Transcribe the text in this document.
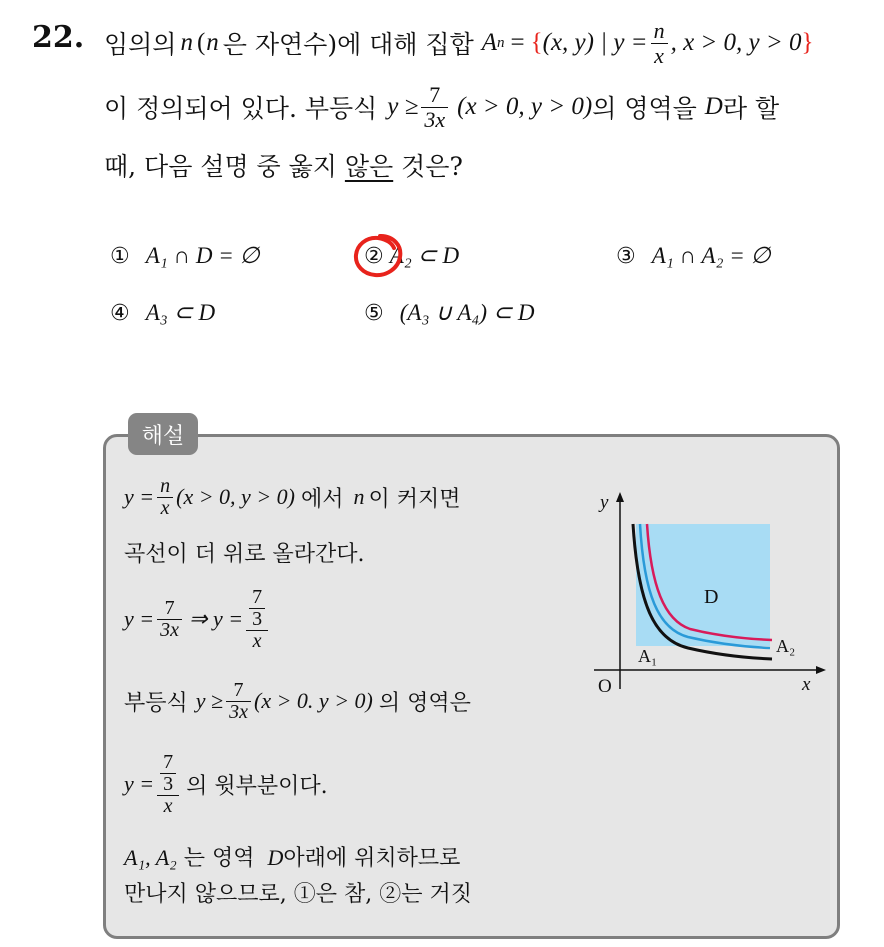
22. 임의의 n ( n 은 자연수)에 대해 집합 A n = { (x, y) | $y = \frac{n}{x}$ , x > 0, y > 0 }
이 정의되어 있다. 부등식 $y \ge \frac{7}{3x} (x > 0$, y > 0) 의 영역을 D 라 할
때, 다음 설명 중 옳지 않은 것은?
① A₁ ∩ D = ∅	② A₂ ⊂ D	③ A₁ ∩ A₂ = ∅
④ A₃ ⊂ D	⑤ (A₃ ∪ A₄) ⊂ D
해설
$y = \frac{n}{x} (x > 0$, y > 0) 에서 n 이 커지면
곡선이 더 위로 올라간다.
$y = \frac{7}{3x}$ ⇒ $y = \frac{\frac{7}{3}}{x}$
부등식 $y \ge \frac{7}{3x} (x > 0$. y > 0) 의 영역은
$y = \frac{\frac{7}{3}}{x}$ 의 윗부분이다.
A₁, A₂ 는 영역 D아래에 위치하므로
만나지 않으므로, ①은 참, ②는 거짓
y
x
O
D
A₁	A₂
